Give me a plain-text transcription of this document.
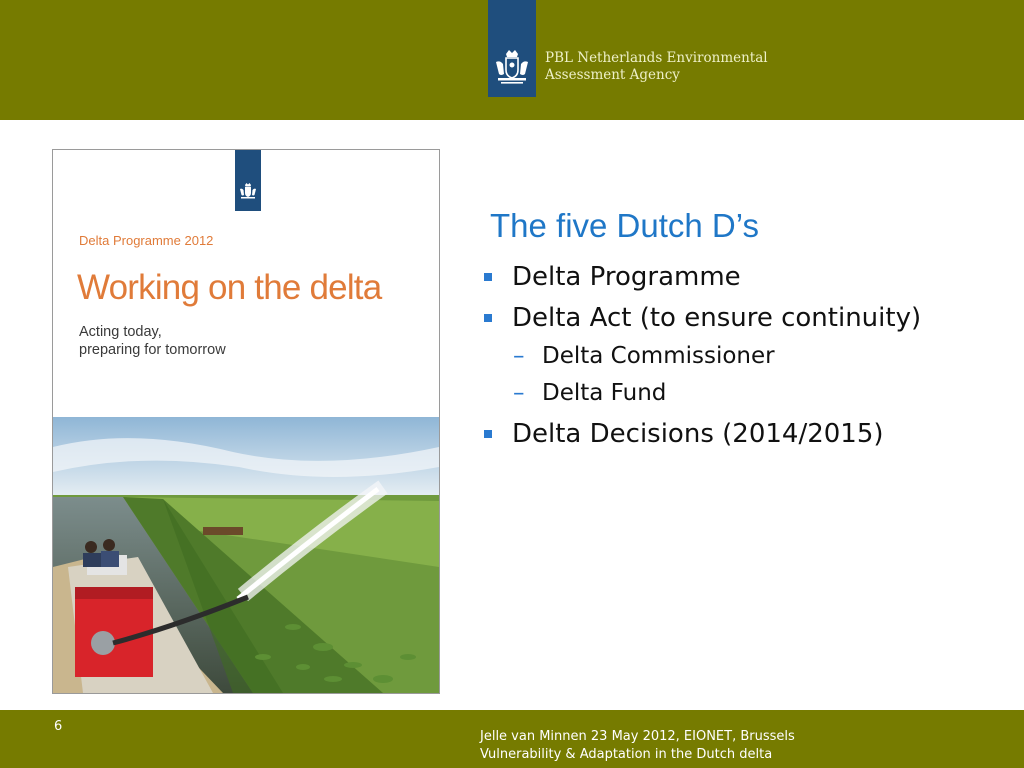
PBL Netherlands Environmental
Assessment Agency
Delta Programme 2012
Working on the delta
Acting today,
preparing for tomorrow
The five Dutch D’s
Delta Programme
Delta Act (to ensure continuity)
– Delta Commissioner
– Delta Fund
Delta Decisions (2014/2015)
6
Jelle van Minnen 23 May 2012, EIONET, Brussels
Vulnerability & Adaptation in the Dutch delta
